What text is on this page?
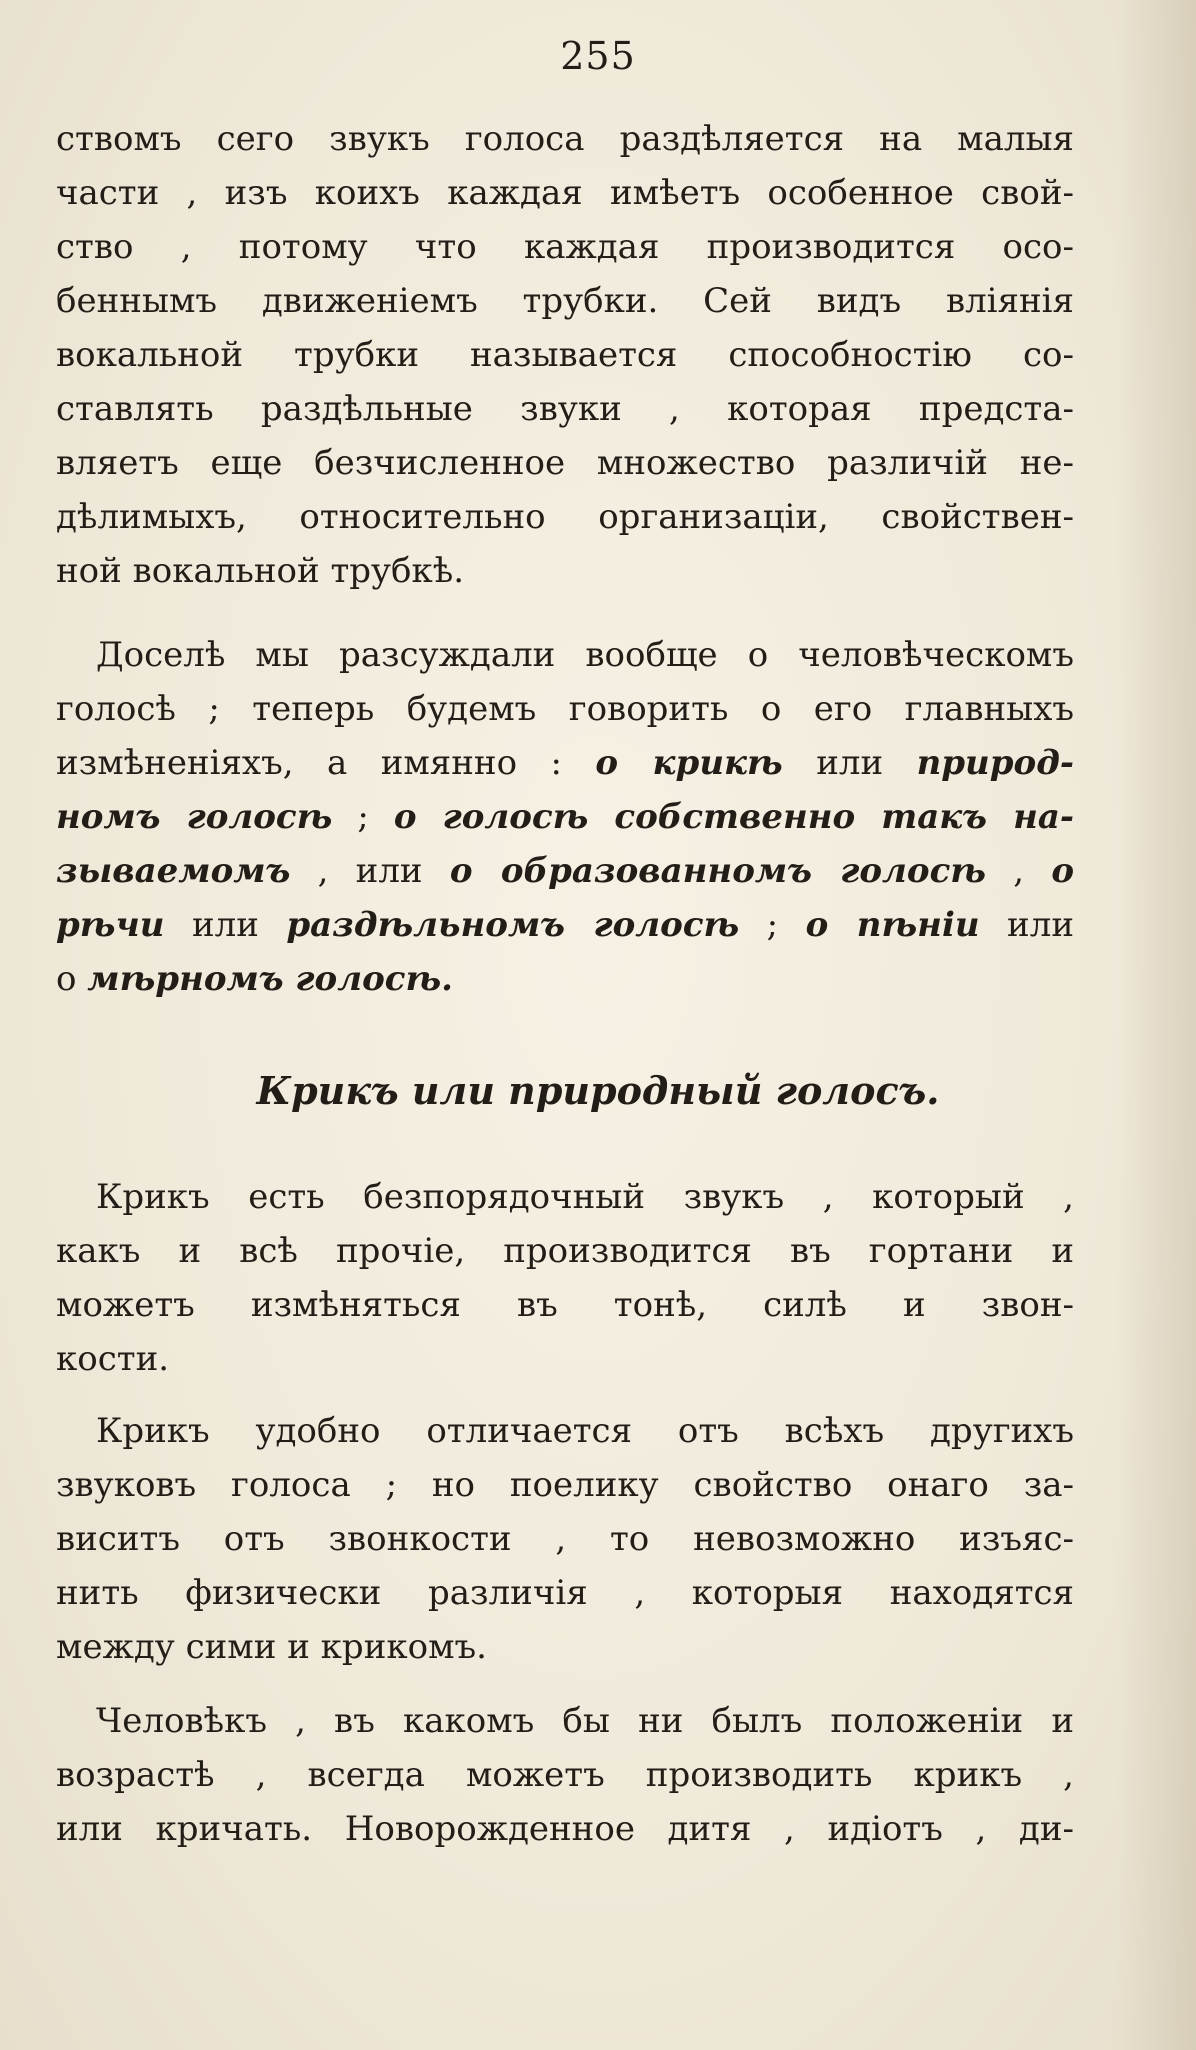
255
ствомъ сего звукъ голоса раздѣляется на малыя
части , изъ коихъ каждая имѣетъ особенное свой-
ство , потому что каждая производится осо-
беннымъ движенiемъ трубки. Сей видъ влiянiя
вокальной трубки называется способностiю со-
ставлять раздѣльные звуки , которая предста-
вляетъ еще безчисленное множество различiй не-
дѣлимыхъ, относительно организацiи, свойствен-
ной вокальной трубкѣ.
Доселѣ мы разсуждали вообще о человѣческомъ
голосѣ ; теперь будемъ говорить о его главныхъ
измѣненiяхъ, а имянно : о крикѣ или природ-
номъ голосѣ ; о голосѣ собственно такъ на-
зываемомъ , или о образованномъ голосѣ , о
рѣчи или раздѣльномъ голосѣ ; о пѣнiи или
о мѣрномъ голосѣ.
Крикъ или природный голосъ.
Крикъ есть безпорядочный звукъ , который ,
какъ и всѣ прочiе, производится въ гортани и
можетъ измѣняться въ тонѣ, силѣ и звон-
кости.
Крикъ удобно отличается отъ всѣхъ другихъ
звуковъ голоса ; но поелику свойство онаго за-
виситъ отъ звонкости , то невозможно изъяс-
нить физически различiя , которыя находятся
между сими и крикомъ.
Человѣкъ , въ какомъ бы ни былъ положенiи и
возрастѣ , всегда можетъ производить крикъ ,
или кричать. Новорожденное дитя , идiотъ , ди-
